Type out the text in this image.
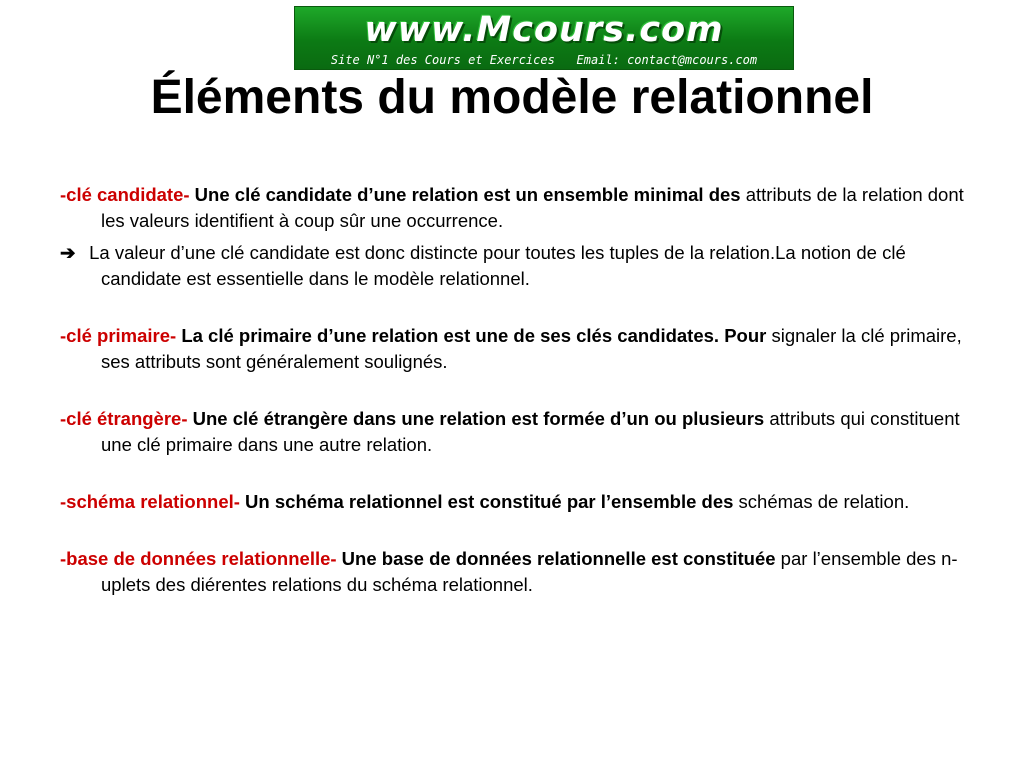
www.Mcours.com
Site N°1 des Cours et Exercices   Email: contact@mcours.com
Éléments du modèle relationnel

-clé candidate- Une clé candidate d’une relation est un ensemble minimal des attributs de la relation dont les valeurs identifient à coup sûr une occurrence.

➔ La valeur d’une clé candidate est donc distincte pour toutes les tuples de la relation.La notion de clé candidate est essentielle dans le modèle relationnel.

-clé primaire- La clé primaire d’une relation est une de ses clés candidates. Pour signaler la clé primaire, ses attributs sont généralement soulignés.

-clé étrangère- Une clé étrangère dans une relation est formée d’un ou plusieurs attributs qui constituent une clé primaire dans une autre relation.

-schéma relationnel- Un schéma relationnel est constitué par l’ensemble des schémas de relation.

-base de données relationnelle- Une base de données relationnelle est constituée par l’ensemble des n-uplets des diérentes relations du schéma relationnel.
